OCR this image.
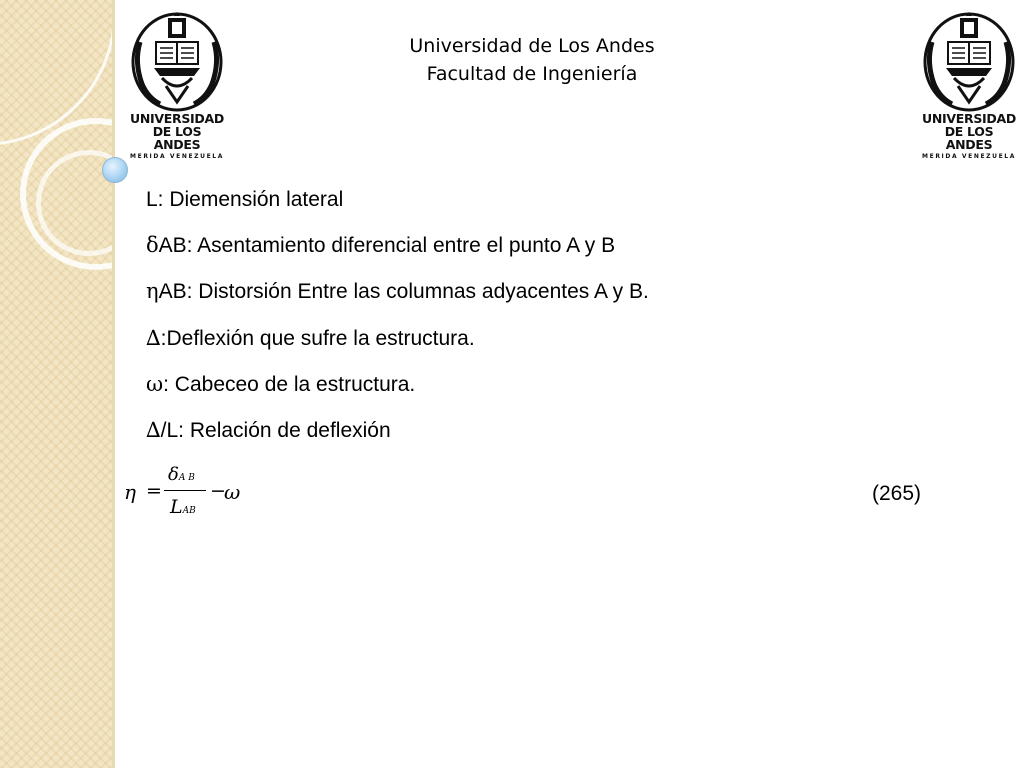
UNIVERSIDAD
DE LOS ANDES
MERIDA VENEZUELA
UNIVERSIDAD
DE LOS ANDES
MERIDA VENEZUELA
Universidad de Los Andes
Facultad de Ingeniería
L: Diemensión lateral
δAB: Asentamiento diferencial entre el punto A y B
ηAB: Distorsión Entre las columnas adyacentes A y B.
∆:Deflexión que sufre la estructura.
ω: Cabeceo de la estructura.
∆/L: Relación de deflexión
η =
δA B
LAB
−
ω	(265)
